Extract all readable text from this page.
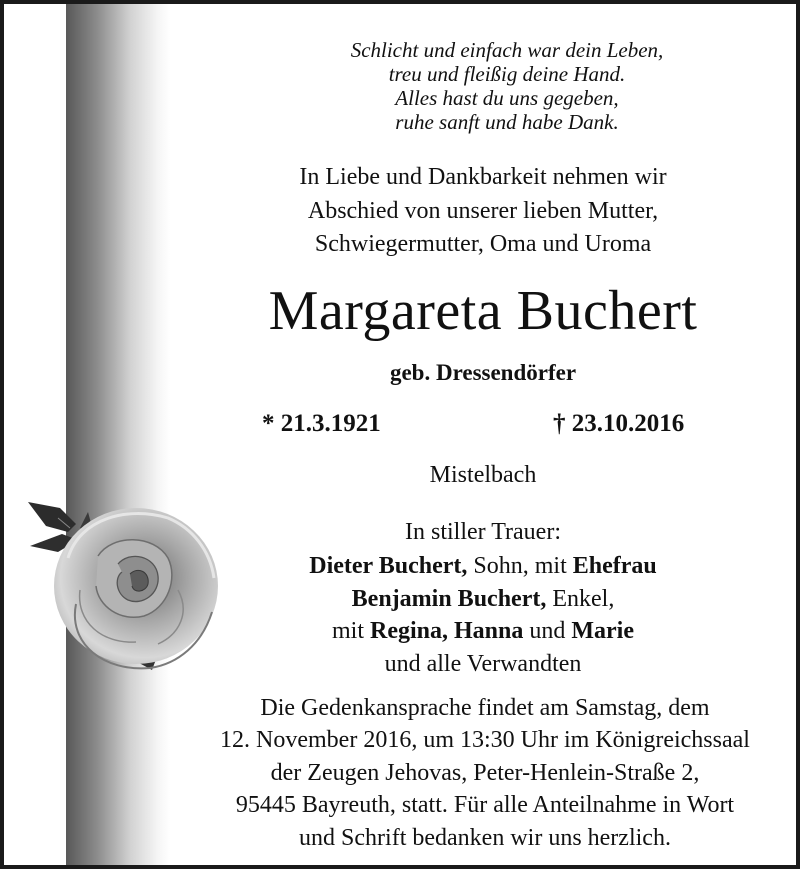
Schlicht und einfach war dein Leben,
treu und fleißig deine Hand.
Alles hast du uns gegeben,
ruhe sanft und habe Dank.
In Liebe und Dankbarkeit nehmen wir
Abschied von unserer lieben Mutter,
Schwiegermutter, Oma und Uroma
Margareta Buchert
geb. Dressendörfer
* 21.3.1921	† 23.10.2016
Mistelbach
In stiller Trauer:
Dieter Buchert, Sohn, mit Ehefrau
Benjamin Buchert, Enkel,
mit Regina, Hanna und Marie
und alle Verwandten
Die Gedenkansprache findet am Samstag, dem
12. November 2016, um 13:30 Uhr im Königreichssaal
der Zeugen Jehovas, Peter-Henlein-Straße 2,
95445 Bayreuth, statt. Für alle Anteilnahme in Wort
und Schrift bedanken wir uns herzlich.
